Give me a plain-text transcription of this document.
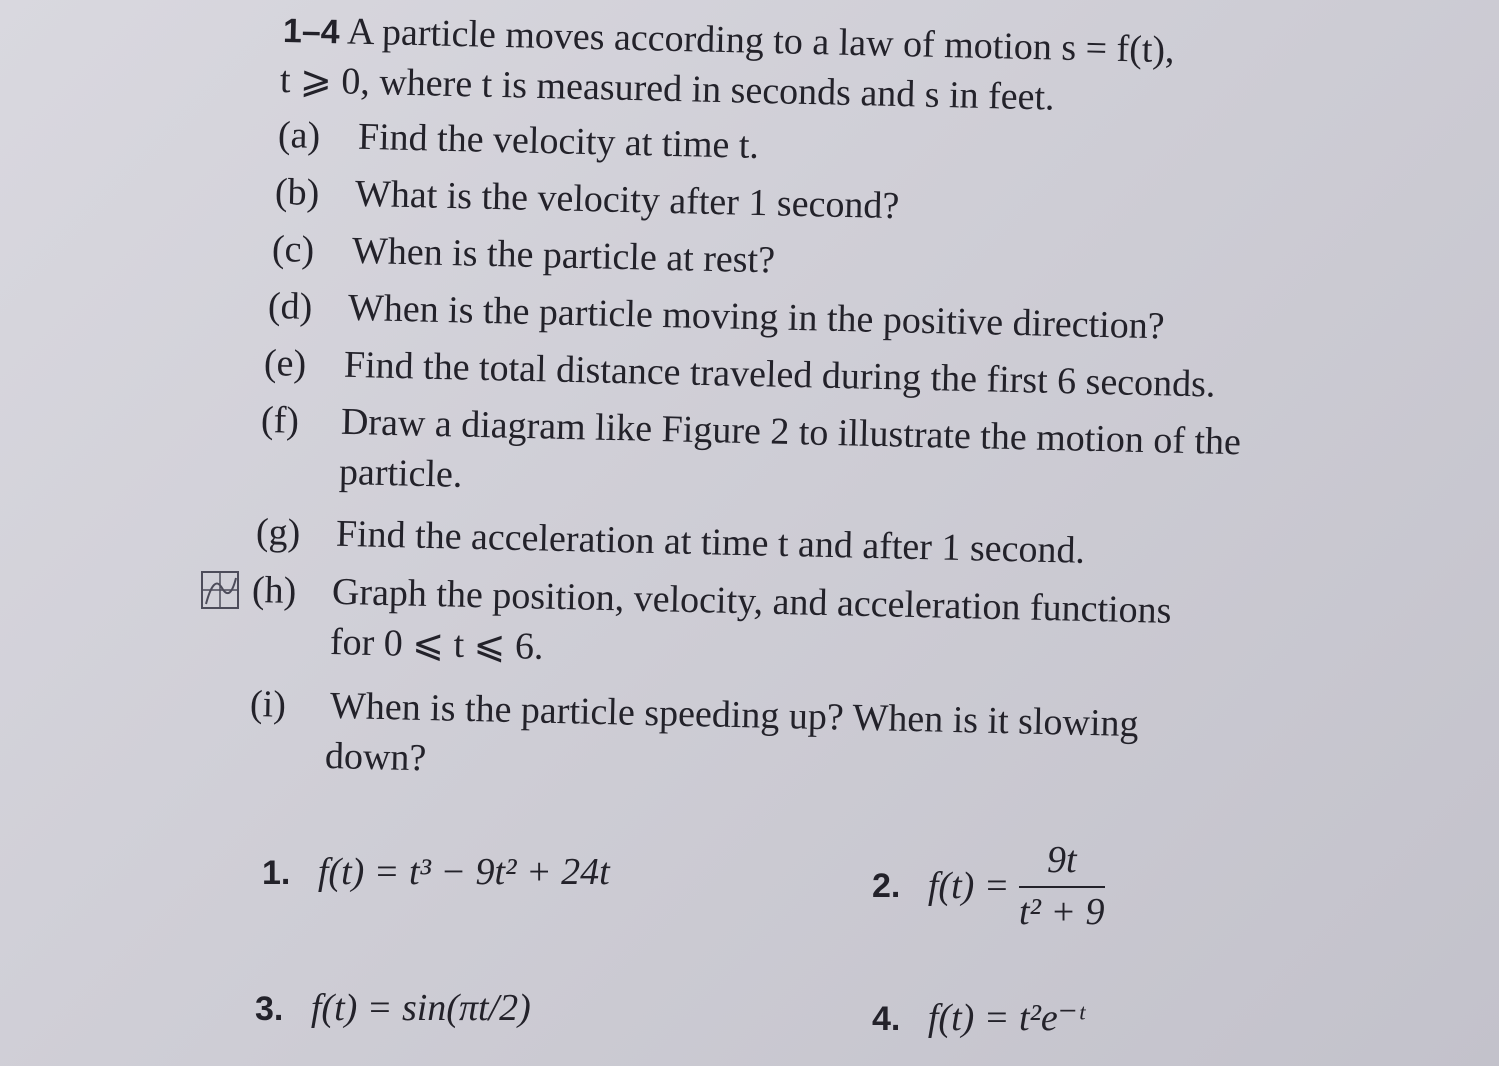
1–4 A particle moves according to a law of motion s = f(t),
t ⩾ 0, where t is measured in seconds and s in feet.
(a) Find the velocity at time t.
(b) What is the velocity after 1 second?
(c) When is the particle at rest?
(d) When is the particle moving in the positive direction?
(e) Find the total distance traveled during the first 6 seconds.
(f) Draw a diagram like Figure 2 to illustrate the motion of the
particle.
(g) Find the acceleration at time t and after 1 second.
(h) Graph the position, velocity, and acceleration functions
for 0 ⩽ t ⩽ 6.
(i) When is the particle speeding up? When is it slowing
down?
1. f(t) = t³ − 9t² + 24t	2. $f(t) = \frac{9t}{\text{t² + 9}}$
3. f(t) = sin(πt/2)	4. f(t) = t²e⁻ᵗ
